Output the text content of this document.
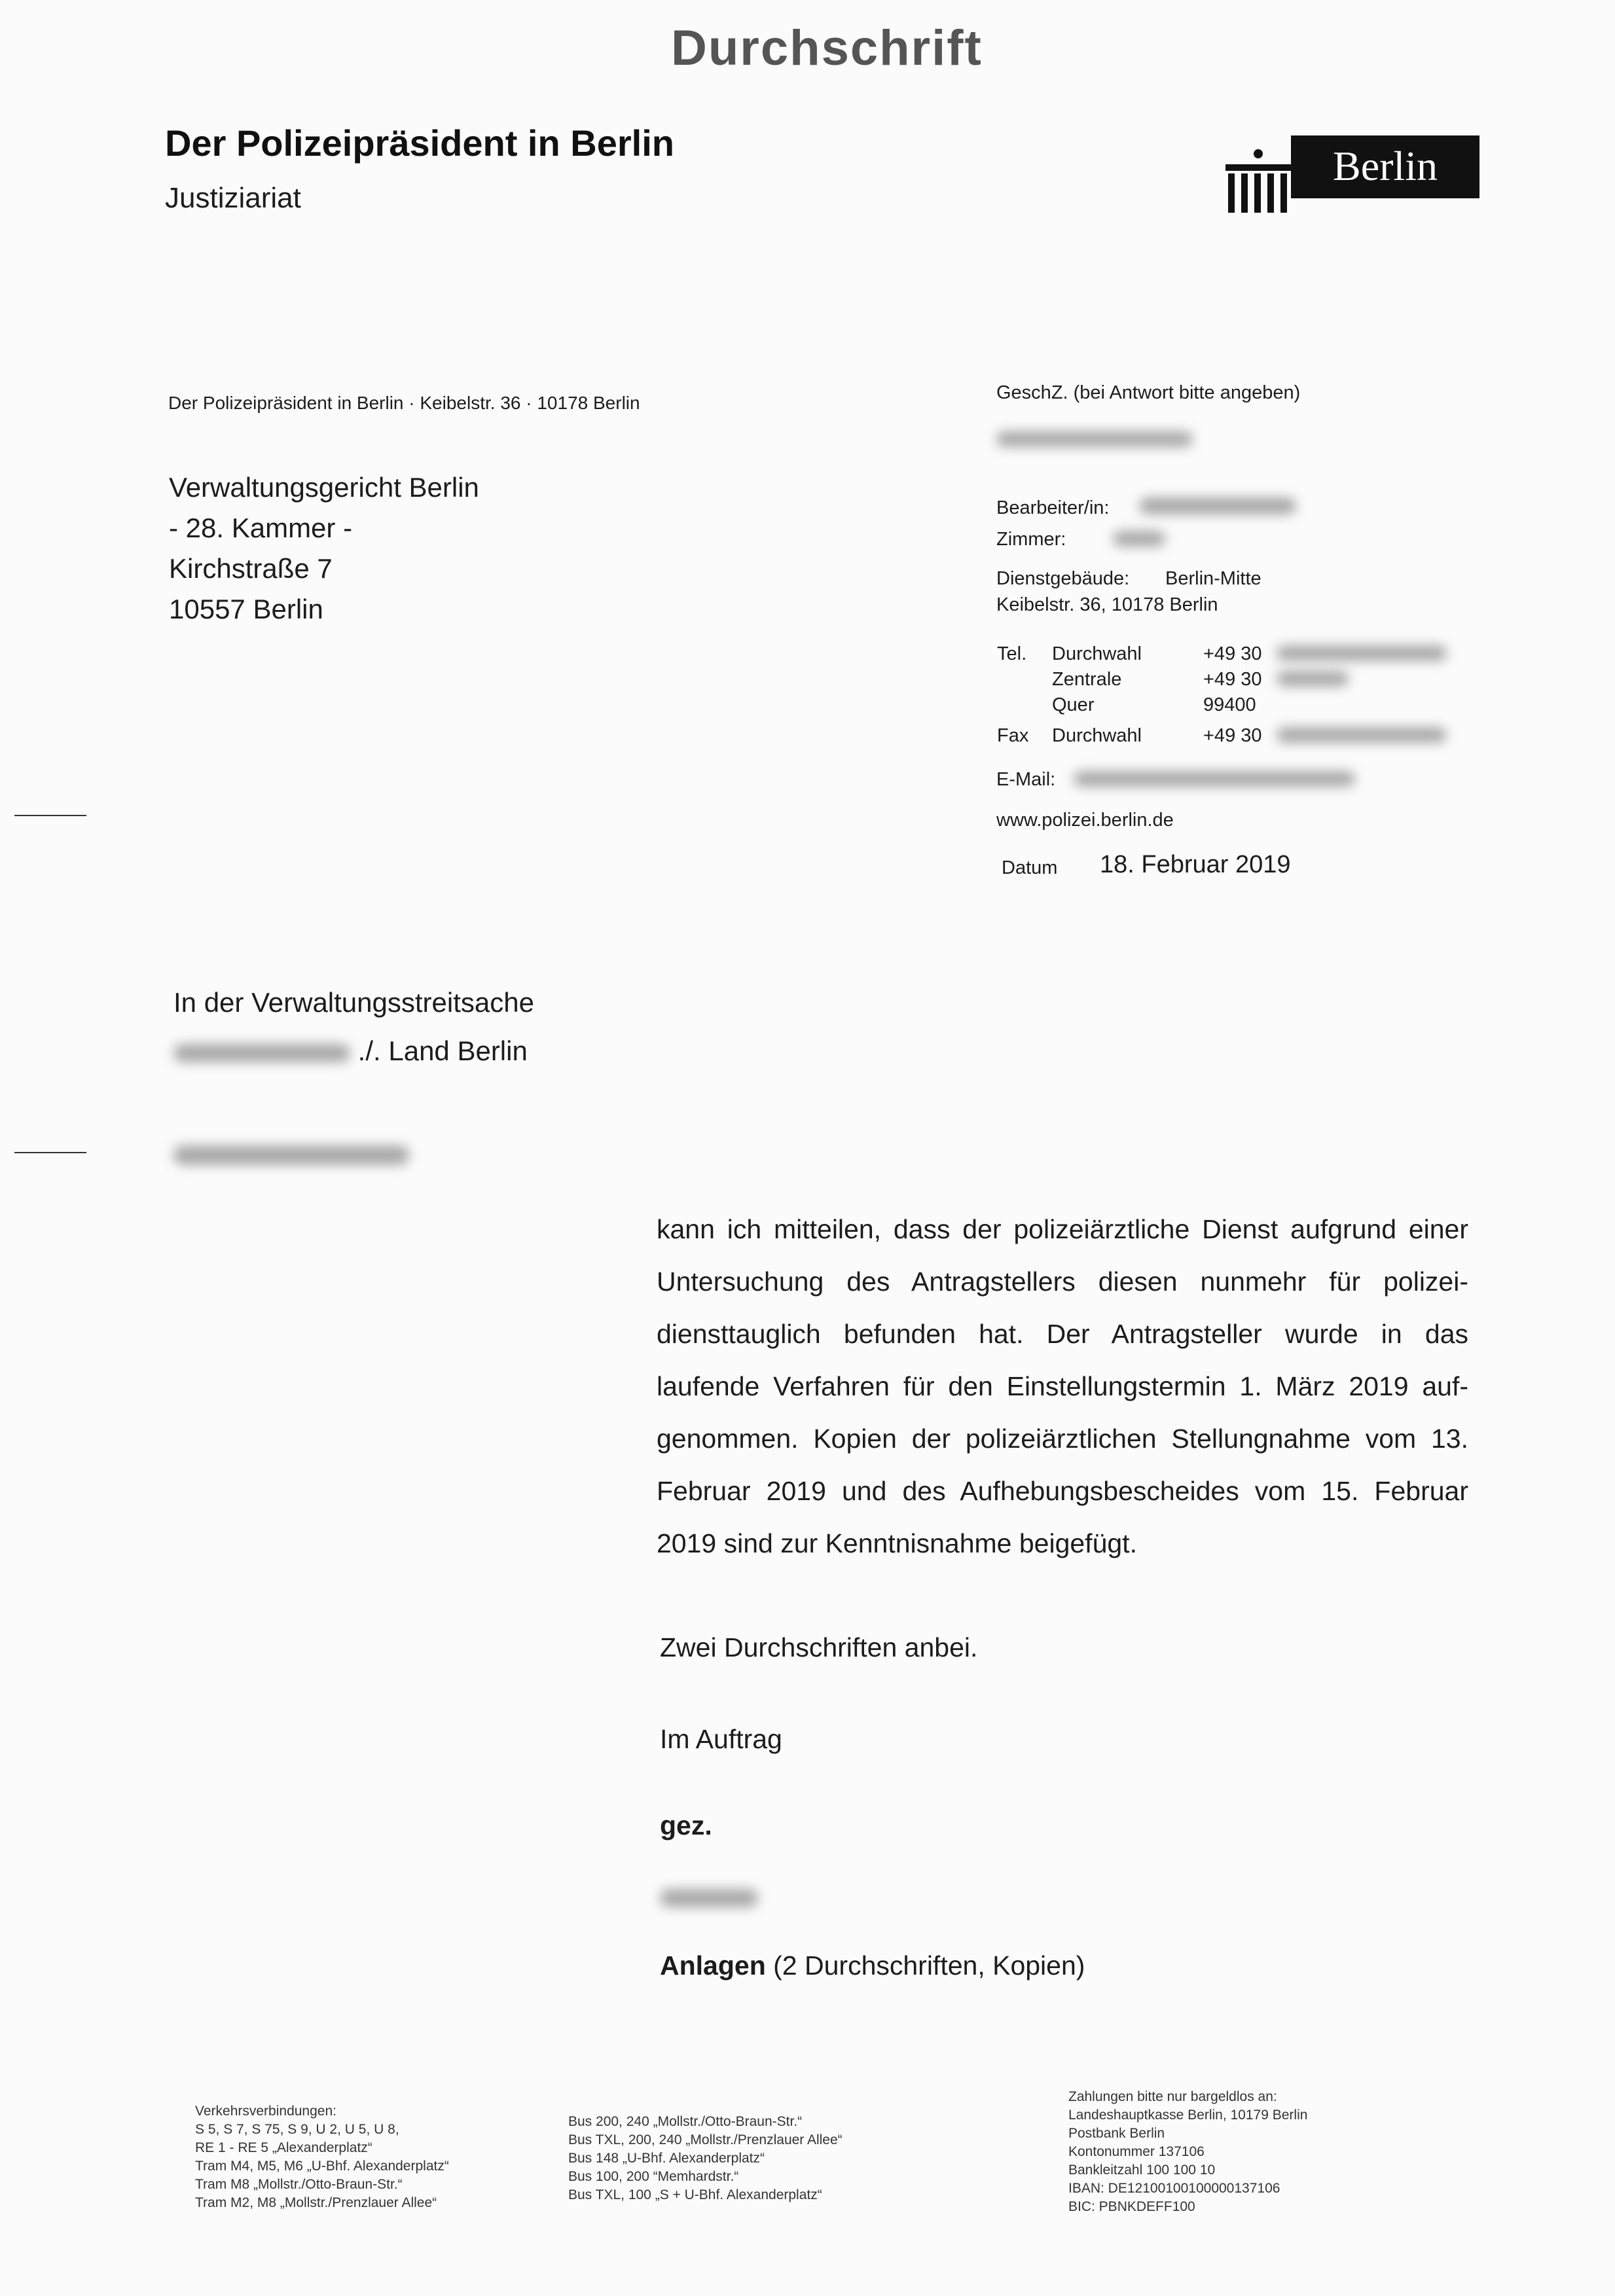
Durchschrift
Der Polizeipräsident in Berlin
Justiziariat
Berlin
Der Polizeipräsident in Berlin · Keibelstr. 36 · 10178 Berlin
Verwaltungsgericht Berlin
- 28. Kammer -
Kirchstraße 7
10557 Berlin
GeschZ. (bei Antwort bitte angeben)
Bearbeiter/in:
Zimmer:
Dienstgebäude: Berlin-Mitte
Keibelstr. 36, 10178 Berlin
Tel. Durchwahl	+49 30
Zentrale	+49 30
Quer	99400
Fax Durchwahl	+49 30
E-Mail:
www.polizei.berlin.de
Datum 18. Februar 2019
In der Verwaltungsstreitsache
./. Land Berlin
kann ich mitteilen, dass der polizeiärztliche Dienst aufgrund einer Untersuchung des Antragstellers diesen nunmehr für polizeidiensttauglich befunden hat. Der Antragsteller wurde in das laufende Verfahren für den Einstellungstermin 1. März 2019 aufgenommen. Kopien der polizeiärztlichen Stellungnahme vom 13. Februar 2019 und des Aufhebungsbescheides vom 15. Februar 2019 sind zur Kenntnisnahme beigefügt.
Zwei Durchschriften anbei.
Im Auftrag
gez.
Anlagen (2 Durchschriften, Kopien)
Verkehrsverbindungen:
S 5, S 7, S 75, S 9, U 2, U 5, U 8,
RE 1 - RE 5 „Alexanderplatz“
Tram M4, M5, M6 „U-Bhf. Alexanderplatz“
Tram M8 „Mollstr./Otto-Braun-Str.“
Tram M2, M8 „Mollstr./Prenzlauer Allee“
Bus 200, 240 „Mollstr./Otto-Braun-Str.“
Bus TXL, 200, 240 „Mollstr./Prenzlauer Allee“
Bus 148 „U-Bhf. Alexanderplatz“
Bus 100, 200 “Memhardstr.“
Bus TXL, 100 „S + U-Bhf. Alexanderplatz“
Zahlungen bitte nur bargeldlos an:
Landeshauptkasse Berlin, 10179 Berlin
Postbank Berlin
Kontonummer 137106
Bankleitzahl 100 100 10
IBAN: DE12100100100000137106
BIC: PBNKDEFF100
